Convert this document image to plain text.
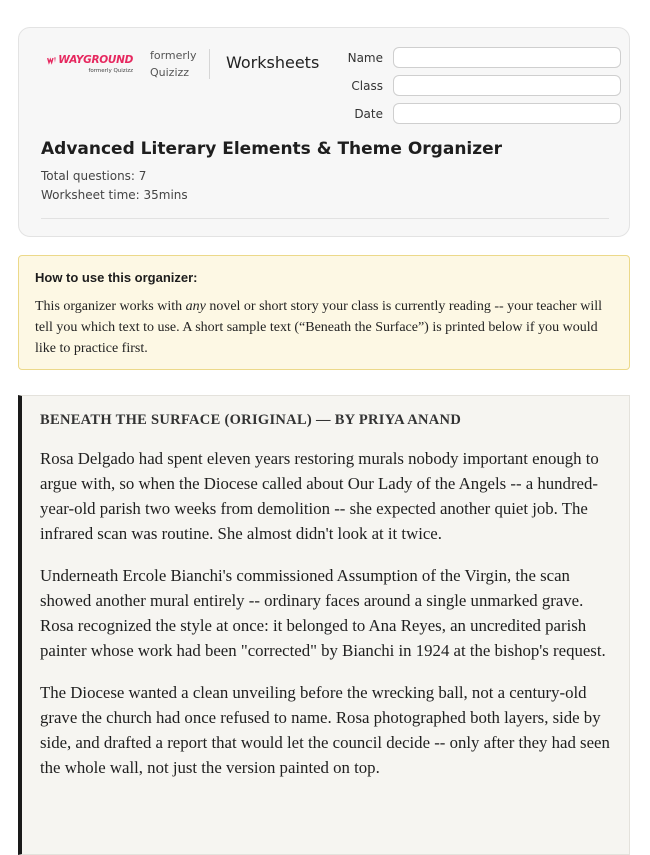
WAYGROUND
formerly Quizizz
formerly Quizizz
Worksheets	Name
Class
Date
Advanced Literary Elements & Theme Organizer
Total questions: 7
Worksheet time: 35mins
How to use this organizer:

This organizer works with any novel or short story your class is currently reading -- your teacher will tell you which text to use. A short sample text (“Beneath the Surface”) is printed below if you would like to practice first.

BENEATH THE SURFACE (ORIGINAL) — BY PRIYA ANAND

Rosa Delgado had spent eleven years restoring murals nobody important enough to argue with, so when the Diocese called about Our Lady of the Angels -- a hundred-year-old parish two weeks from demolition -- she expected another quiet job. The infrared scan was routine. She almost didn't look at it twice.

Underneath Ercole Bianchi's commissioned Assumption of the Virgin, the scan showed another mural entirely -- ordinary faces around a single unmarked grave. Rosa recognized the style at once: it belonged to Ana Reyes, an uncredited parish painter whose work had been "corrected" by Bianchi in 1924 at the bishop's request.

The Diocese wanted a clean unveiling before the wrecking ball, not a century-old grave the church had once refused to name. Rosa photographed both layers, side by side, and drafted a report that would let the council decide -- only after they had seen the whole wall, not just the version painted on top.
